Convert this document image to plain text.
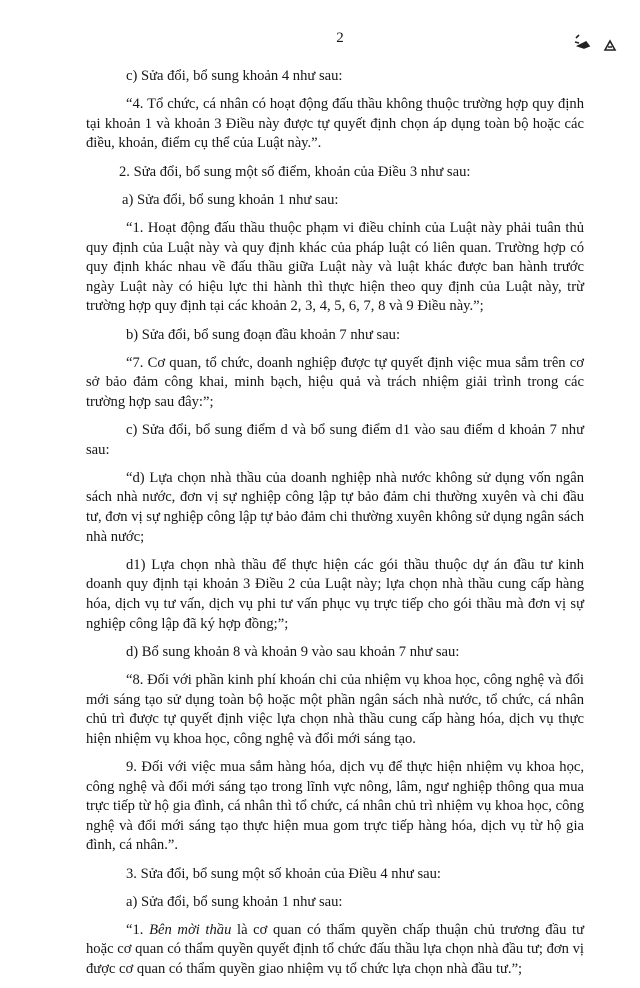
2

c) Sửa đổi, bổ sung khoản 4 như sau:

“4. Tổ chức, cá nhân có hoạt động đấu thầu không thuộc trường hợp quy định tại khoản 1 và khoản 3 Điều này được tự quyết định chọn áp dụng toàn bộ hoặc các điều, khoản, điểm cụ thể của Luật này.”.

2. Sửa đổi, bổ sung một số điểm, khoản của Điều 3 như sau:

a) Sửa đổi, bổ sung khoản 1 như sau:

“1. Hoạt động đấu thầu thuộc phạm vi điều chỉnh của Luật này phải tuân thủ quy định của Luật này và quy định khác của pháp luật có liên quan. Trường hợp có quy định khác nhau về đấu thầu giữa Luật này và luật khác được ban hành trước ngày Luật này có hiệu lực thi hành thì thực hiện theo quy định của Luật này, trừ trường hợp quy định tại các khoản 2, 3, 4, 5, 6, 7, 8 và 9 Điều này.”;

b) Sửa đổi, bổ sung đoạn đầu khoản 7 như sau:

“7. Cơ quan, tổ chức, doanh nghiệp được tự quyết định việc mua sắm trên cơ sở bảo đảm công khai, minh bạch, hiệu quả và trách nhiệm giải trình trong các trường hợp sau đây:”;

c) Sửa đổi, bổ sung điểm d và bổ sung điểm d1 vào sau điểm d khoản 7 như sau:

“d) Lựa chọn nhà thầu của doanh nghiệp nhà nước không sử dụng vốn ngân sách nhà nước, đơn vị sự nghiệp công lập tự bảo đảm chi thường xuyên và chi đầu tư, đơn vị sự nghiệp công lập tự bảo đảm chi thường xuyên không sử dụng ngân sách nhà nước;

d1) Lựa chọn nhà thầu để thực hiện các gói thầu thuộc dự án đầu tư kinh doanh quy định tại khoản 3 Điều 2 của Luật này; lựa chọn nhà thầu cung cấp hàng hóa, dịch vụ tư vấn, dịch vụ phi tư vấn phục vụ trực tiếp cho gói thầu mà đơn vị sự nghiệp công lập đã ký hợp đồng;”;

d) Bổ sung khoản 8 và khoản 9 vào sau khoản 7 như sau:

“8. Đối với phần kinh phí khoán chi của nhiệm vụ khoa học, công nghệ và đổi mới sáng tạo sử dụng toàn bộ hoặc một phần ngân sách nhà nước, tổ chức, cá nhân chủ trì được tự quyết định việc lựa chọn nhà thầu cung cấp hàng hóa, dịch vụ thực hiện nhiệm vụ khoa học, công nghệ và đổi mới sáng tạo.

9. Đối với việc mua sắm hàng hóa, dịch vụ để thực hiện nhiệm vụ khoa học, công nghệ và đổi mới sáng tạo trong lĩnh vực nông, lâm, ngư nghiệp thông qua mua trực tiếp từ hộ gia đình, cá nhân thì tổ chức, cá nhân chủ trì nhiệm vụ khoa học, công nghệ và đổi mới sáng tạo thực hiện mua gom trực tiếp hàng hóa, dịch vụ từ hộ gia đình, cá nhân.”.

3. Sửa đổi, bổ sung một số khoản của Điều 4 như sau:

a) Sửa đổi, bổ sung khoản 1 như sau:

“1. Bên mời thầu là cơ quan có thẩm quyền chấp thuận chủ trương đầu tư hoặc cơ quan có thẩm quyền quyết định tổ chức đấu thầu lựa chọn nhà đầu tư; đơn vị được cơ quan có thẩm quyền giao nhiệm vụ tổ chức lựa chọn nhà đầu tư.”;
